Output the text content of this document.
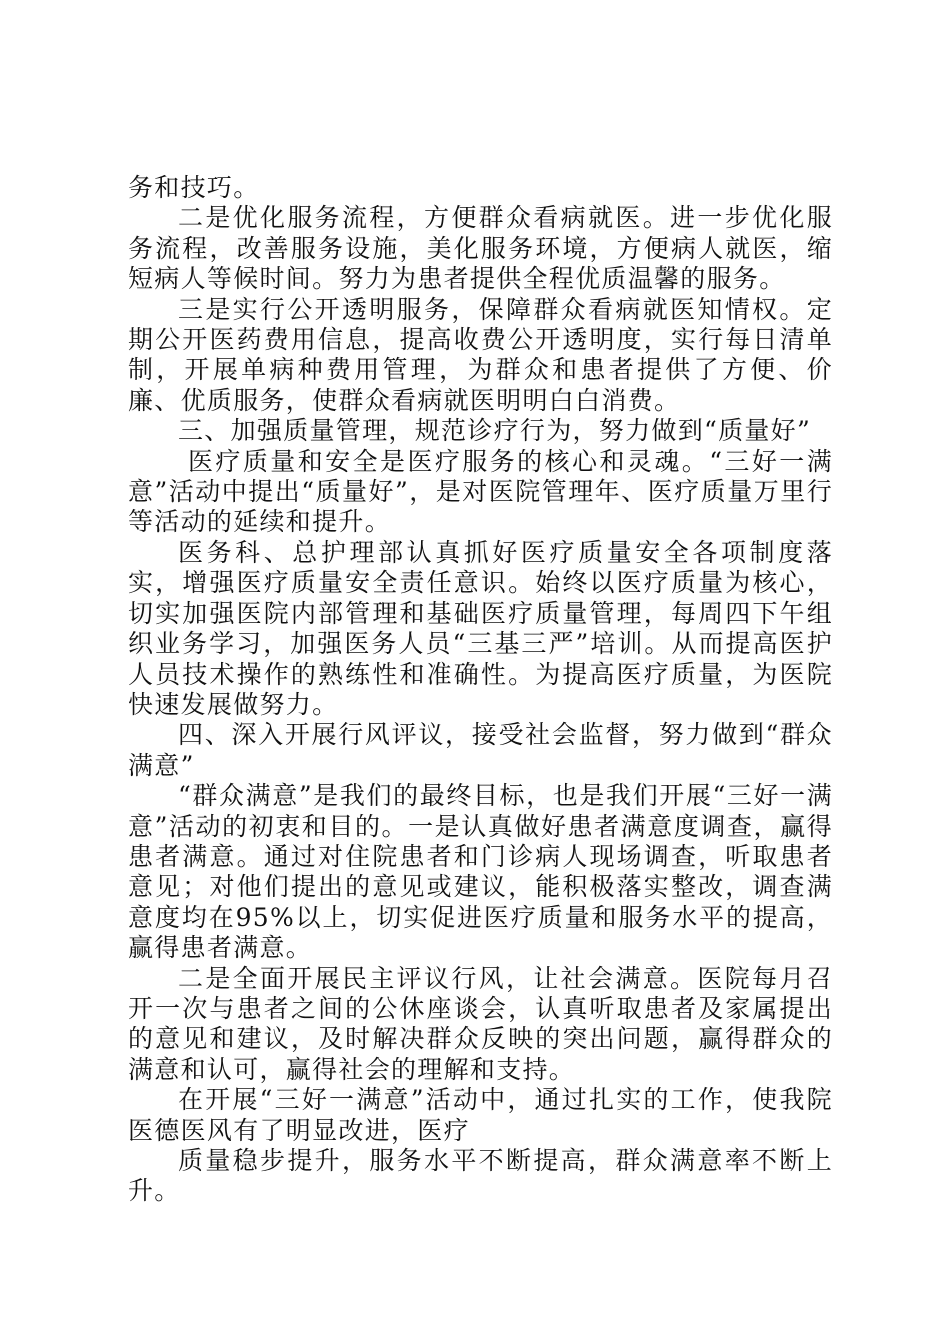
务和技巧。

二是优化服务流程，方便群众看病就医。进一步优化服务流程，改善服务设施，美化服务环境，方便病人就医，缩短病人等候时间。努力为患者提供全程优质温馨的服务。

三是实行公开透明服务，保障群众看病就医知情权。定期公开医药费用信息，提高收费公开透明度，实行每日清单制，开展单病种费用管理，为群众和患者提供了方便、价廉、优质服务，使群众看病就医明明白白消费。

三、加强质量管理，规范诊疗行为，努力做到“质量好”

医疗质量和安全是医疗服务的核心和灵魂。“三好一满意”活动中提出“质量好”，是对医院管理年、医疗质量万里行等活动的延续和提升。

医务科、总护理部认真抓好医疗质量安全各项制度落实，增强医疗质量安全责任意识。始终以医疗质量为核心，切实加强医院内部管理和基础医疗质量管理，每周四下午组织业务学习，加强医务人员“三基三严”培训。从而提高医护人员技术操作的熟练性和准确性。为提高医疗质量，为医院快速发展做努力。

四、深入开展行风评议，接受社会监督，努力做到“群众满意”

“群众满意”是我们的最终目标，也是我们开展“三好一满意”活动的初衷和目的。一是认真做好患者满意度调查，赢得患者满意。通过对住院患者和门诊病人现场调查，听取患者意见；对他们提出的意见或建议，能积极落实整改，调查满意度均在95%以上，切实促进医疗质量和服务水平的提高，赢得患者满意。

二是全面开展民主评议行风，让社会满意。医院每月召开一次与患者之间的公休座谈会，认真听取患者及家属提出的意见和建议，及时解决群众反映的突出问题，赢得群众的满意和认可，赢得社会的理解和支持。

在开展“三好一满意”活动中，通过扎实的工作，使我院医德医风有了明显改进，医疗

质量稳步提升，服务水平不断提高，群众满意率不断上升。
